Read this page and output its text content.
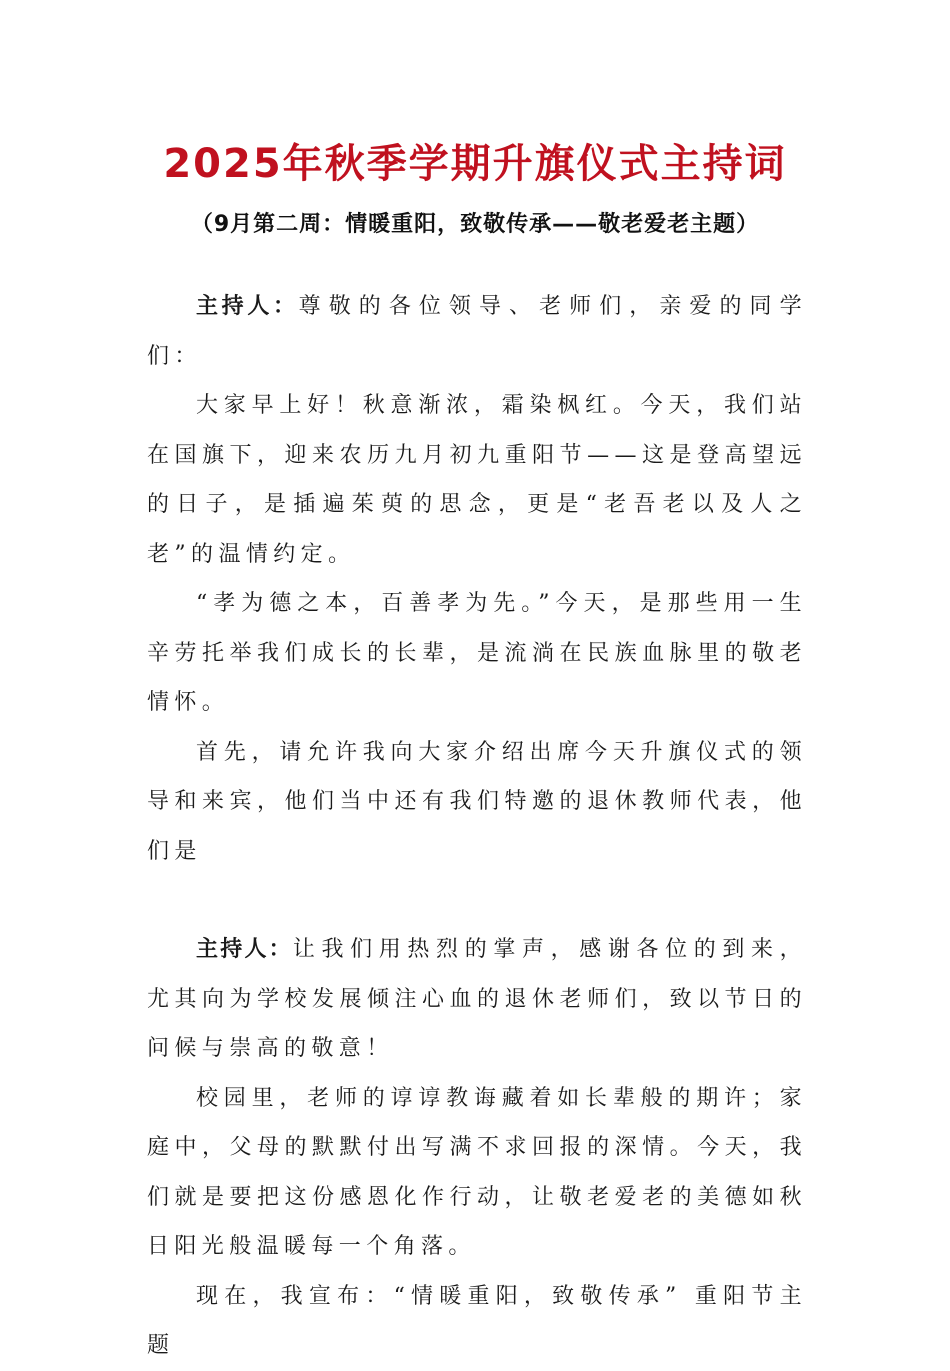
2025年秋季学期升旗仪式主持词
（9月第二周：情暖重阳，致敬传承——敬老爱老主题）

主持人：尊敬的各位领导、老师们，亲爱的同学们：

大家早上好！秋意渐浓，霜染枫红。今天，我们站在国旗下，迎来农历九月初九重阳节——这是登高望远的日子，是插遍茱萸的思念，更是“老吾老以及人之老”的温情约定。

“孝为德之本，百善孝为先。”今天，是那些用一生辛劳托举我们成长的长辈，是流淌在民族血脉里的敬老情怀。

首先，请允许我向大家介绍出席今天升旗仪式的领导和来宾，他们当中还有我们特邀的退休教师代表，他们是

主持人：让我们用热烈的掌声，感谢各位的到来，尤其向为学校发展倾注心血的退休老师们，致以节日的问候与崇高的敬意！

校园里，老师的谆谆教诲藏着如长辈般的期许；家庭中，父母的默默付出写满不求回报的深情。今天，我们就是要把这份感恩化作行动，让敬老爱老的美德如秋日阳光般温暖每一个角落。

现在，我宣布：“情暖重阳，致敬传承” 重阳节主题
